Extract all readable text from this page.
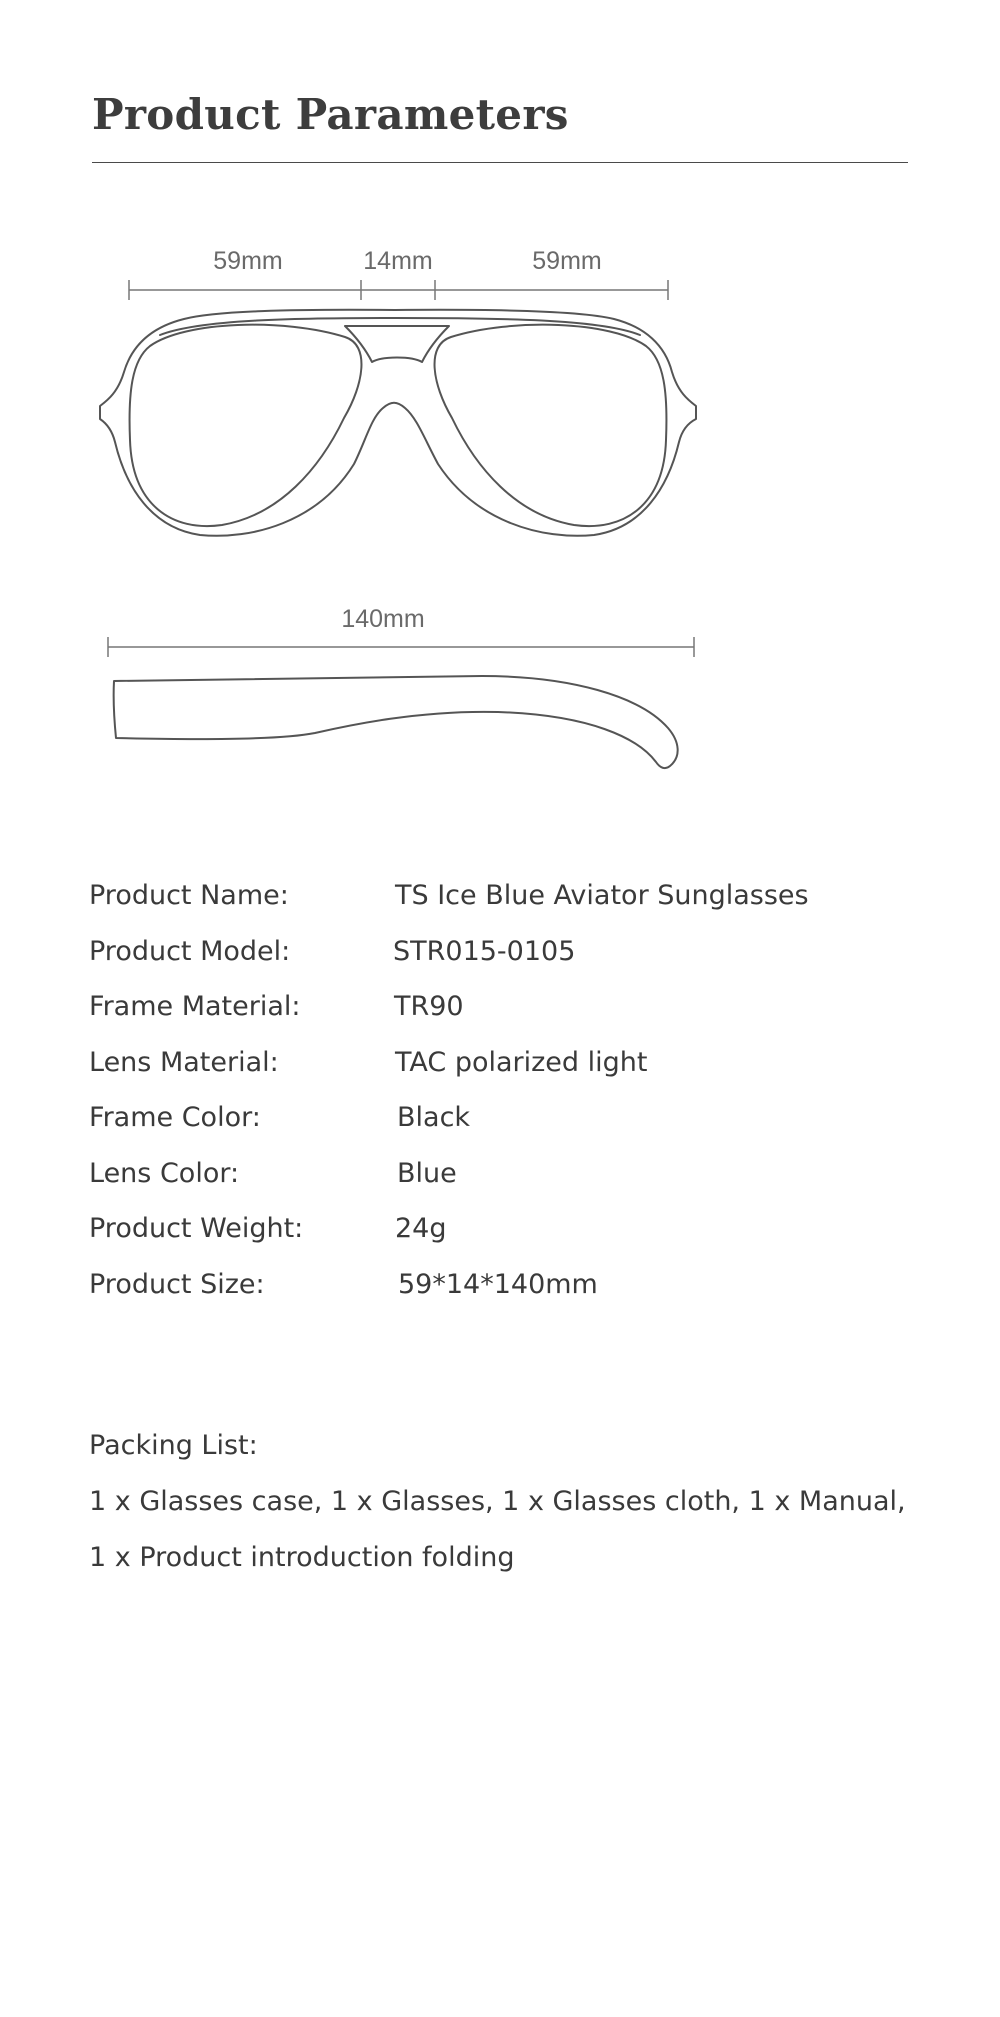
Product Parameters
59mm	14mm	59mm
140mm
Product Name:	TS Ice Blue Aviator Sunglasses
Product Model:	STR015-0105
Frame Material:	TR90
Lens Material:	TAC polarized light
Frame Color:	Black
Lens Color:	Blue
Product Weight:	24g
Product Size:	59*14*140mm
Packing List:
1 x Glasses case, 1 x Glasses, 1 x Glasses cloth, 1 x Manual,
1 x Product introduction folding
